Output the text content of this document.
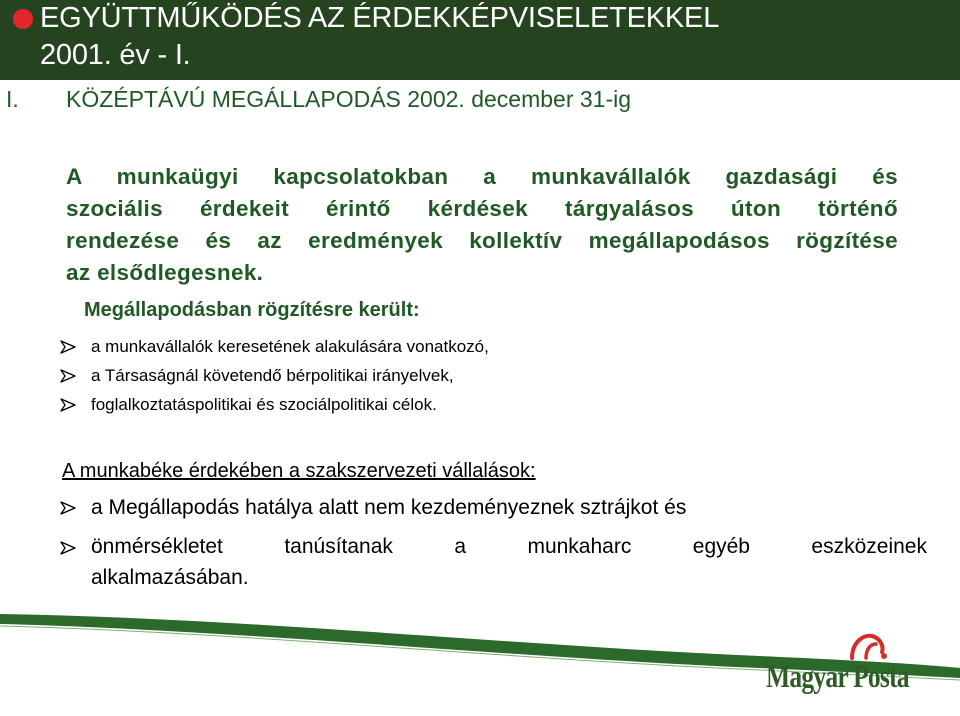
EGYÜTTMŰKÖDÉS AZ ÉRDEKKÉPVISELETEKKEL
2001. év - I.
I. KÖZÉPTÁVÚ MEGÁLLAPODÁS 2002. december 31-ig
A munkaügyi kapcsolatokban a munkavállalók gazdasági és
szociális érdekeit érintő kérdések tárgyalásos úton történő
rendezése és az eredmények kollektív megállapodásos rögzítése
az elsődlegesnek.
Megállapodásban rögzítésre került:
a munkavállalók keresetének alakulására vonatkozó,
a Társaságnál követendő bérpolitikai irányelvek,
foglalkoztatáspolitikai és szociálpolitikai célok.
A munkabéke érdekében a szakszervezeti vállalások:
a Megállapodás hatálya alatt nem kezdeményeznek sztrájkot és
önmérsékletet tanúsítanak a munkaharc egyéb eszközeinek
alkalmazásában.
Magyar Posta
